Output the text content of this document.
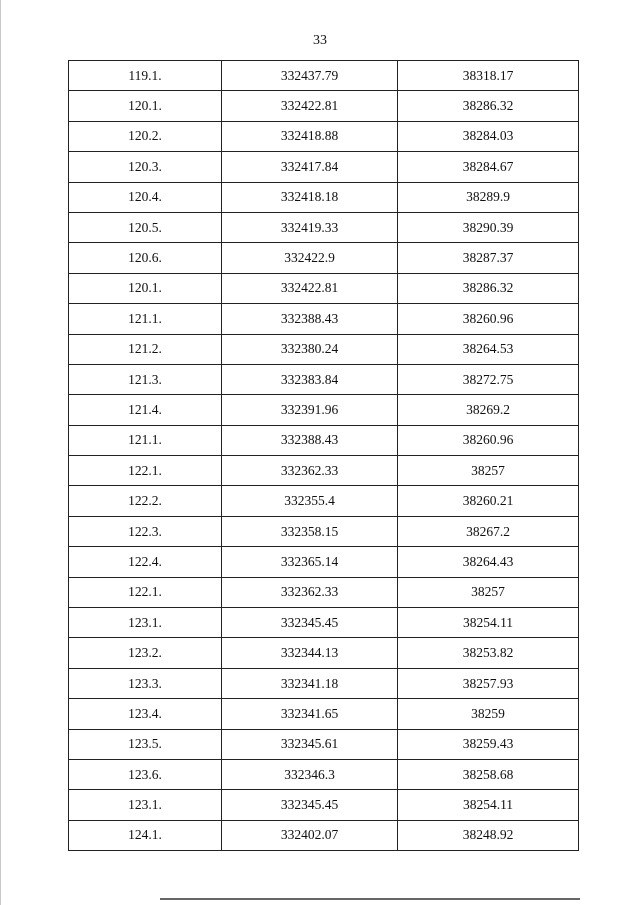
33
119.1.	332437.79	38318.17
120.1.	332422.81	38286.32
120.2.	332418.88	38284.03
120.3.	332417.84	38284.67
120.4.	332418.18	38289.9
120.5.	332419.33	38290.39
120.6.	332422.9	38287.37
120.1.	332422.81	38286.32
121.1.	332388.43	38260.96
121.2.	332380.24	38264.53
121.3.	332383.84	38272.75
121.4.	332391.96	38269.2
121.1.	332388.43	38260.96
122.1.	332362.33	38257
122.2.	332355.4	38260.21
122.3.	332358.15	38267.2
122.4.	332365.14	38264.43
122.1.	332362.33	38257
123.1.	332345.45	38254.11
123.2.	332344.13	38253.82
123.3.	332341.18	38257.93
123.4.	332341.65	38259
123.5.	332345.61	38259.43
123.6.	332346.3	38258.68
123.1.	332345.45	38254.11
124.1.	332402.07	38248.92
